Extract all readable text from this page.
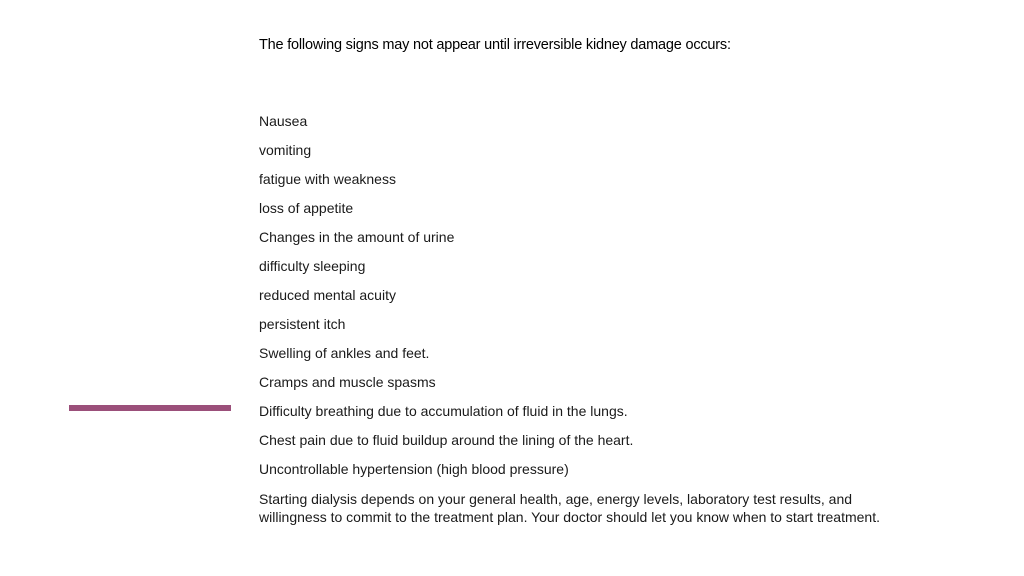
The following signs may not appear until irreversible kidney damage occurs:
Nausea
vomiting
fatigue with weakness
loss of appetite
Changes in the amount of urine
difficulty sleeping
reduced mental acuity
persistent itch
Swelling of ankles and feet.
Cramps and muscle spasms
Difficulty breathing due to accumulation of fluid in the lungs.
Chest pain due to fluid buildup around the lining of the heart.
Uncontrollable hypertension (high blood pressure)

Starting dialysis depends on your general health, age, energy levels, laboratory test results, and willingness to commit to the treatment plan. Your doctor should let you know when to start treatment.
